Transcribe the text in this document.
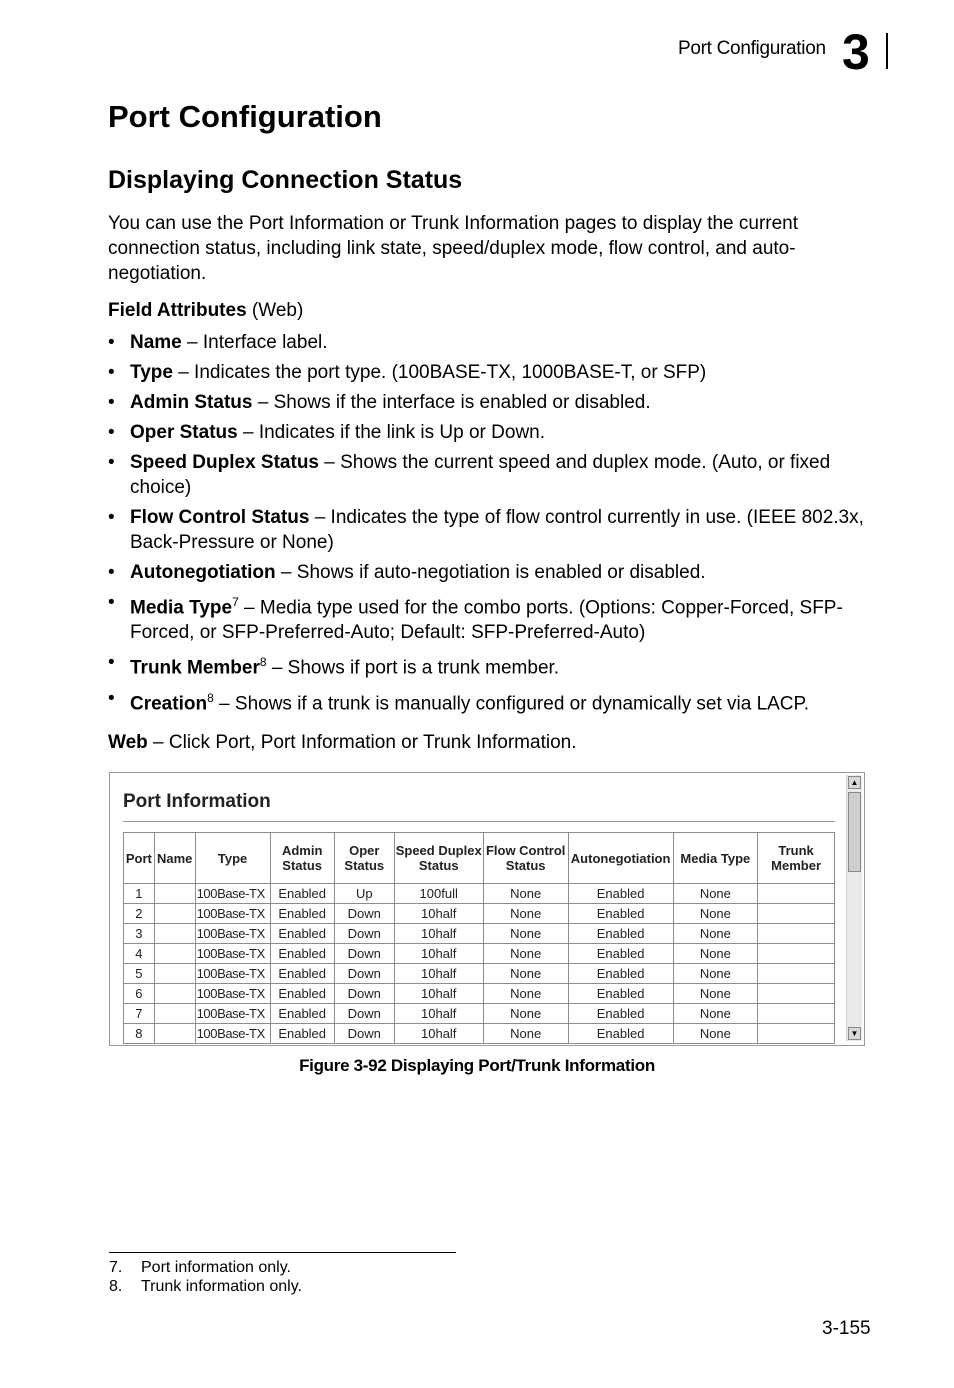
Port Configuration 3
Port Configuration
Displaying Connection Status
You can use the Port Information or Trunk Information pages to display the current connection status, including link state, speed/duplex mode, flow control, and auto-negotiation.
Field Attributes (Web)
• Name – Interface label.
• Type – Indicates the port type. (100BASE-TX, 1000BASE-T, or SFP)
• Admin Status – Shows if the interface is enabled or disabled.
• Oper Status – Indicates if the link is Up or Down.
• Speed Duplex Status – Shows the current speed and duplex mode. (Auto, or fixed choice)
• Flow Control Status – Indicates the type of flow control currently in use. (IEEE 802.3x, Back-Pressure or None)
• Autonegotiation – Shows if auto-negotiation is enabled or disabled.
• Media Type$^7$ – Media type used for the combo ports. (Options: Copper-Forced, SFP-Forced, or SFP-Preferred-Auto; Default: SFP-Preferred-Auto)
• Trunk Member$^8$ – Shows if port is a trunk member.
• Creation$^8$ – Shows if a trunk is manually configured or dynamically set via LACP.
Web – Click Port, Port Information or Trunk Information.
Port Information
Port	Name	Type	Admin Status	Oper Status	Speed Duplex Status	Flow Control Status	Autonegotiation	Media Type	Trunk Member
1		100Base-TX	Enabled	Up	100full	None	Enabled	None	
2		100Base-TX	Enabled	Down	10half	None	Enabled	None	
3		100Base-TX	Enabled	Down	10half	None	Enabled	None	
4		100Base-TX	Enabled	Down	10half	None	Enabled	None	
5		100Base-TX	Enabled	Down	10half	None	Enabled	None	
6		100Base-TX	Enabled	Down	10half	None	Enabled	None	
7		100Base-TX	Enabled	Down	10half	None	Enabled	None	
8		100Base-TX	Enabled	Down	10half	None	Enabled	None	
▲
▼
Figure 3-92 Displaying Port/Trunk Information
7. Port information only.
8. Trunk information only.
3-155
